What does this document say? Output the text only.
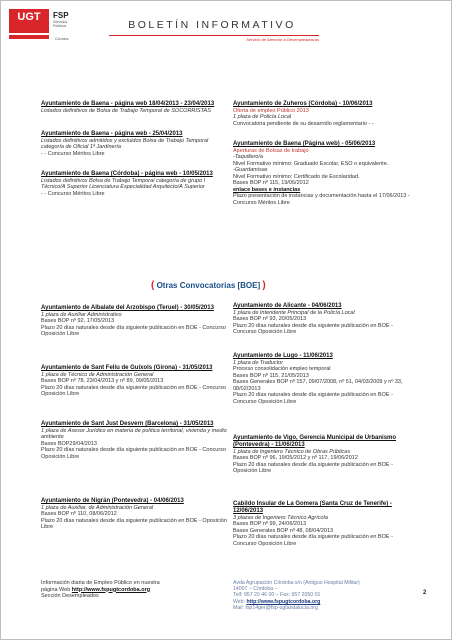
UGT	FSP
Servicios
Públicos
Córdoba
BOLETÍN INFORMATIVO
Servicio de Atención a Desempleados/as
Ayuntamiento de Baena - página web 18/04/2013 - 23/04/2013
Listados definitivos de Bolsa de Trabajo Temporal de SOCORRISTAS
Ayuntamiento de Baena - página web - 25/04/2013
Listados definitivos admitidos y excluidos Bolsa de Trabajo Temporal categoría de Oficial 1ª Jardinería
- - Concurso Méritos Libre
Ayuntamiento de Baena (Córdoba) - página web - 10/05/2013
Listados definitivos Bolsa de Trabajo Temporal categoría de grupo I Técnico/A Superior Licenciatura Especialidad Arquitecto/A Superior
- - Concurso Méritos Libre
Ayuntamiento de Zuheros (Córdoba) - 10/06/2013
Oferta de empleo Público 2013
1 plaza de Policía Local
Convocatoria pendiente de su desarrollo reglamentario - -
Ayuntamiento de Baena (Página web) - 05/06/2013
Aperturas de Bolsas de trabajo
-Taquillero/a
Nivel Formativo mínimo: Graduado Escolar, ESO o equivalente.
-Guardamisas
Nivel Formativo mínimo: Certificado de Escolaridad.
Bases BOP nº 115, 19/06/2012
enlace bases e instancias
Plazo presentación de instancias y documentación hasta el 17/06/2013 - Concurso Méritos Libre
( Otras Convocatorias [BOE] )
Ayuntamiento de Albalate del Arzobispo (Teruel) - 30/05/2013
1 plaza de Auxiliar Administrativo
Bases BOP nº 92, 17/05/2013
Plazo 20 días naturales desde día siguiente publicación en BOE - Concurso Oposición Libre
Ayuntamiento de Sant Feliu de Guíxols (Girona) - 31/05/2013
1 plaza de Técnico de Administración General
Bases BOP nº 78, 23/04/2013 y nº 89, 09/05/2013
Plazo 20 días naturales desde día siguiente publicación en BOE - Concurso Oposición Libre
Ayuntamiento de Sant Just Desvern (Barcelona) - 31/05/2013
1 plaza de Asesor Jurídico en materia de política territorial, vivienda y medio ambiente
Bases BOP29/04/2013
Plazo 20 días naturales desde día siguiente publicación en BOE - Concurso Oposición Libre
Ayuntamiento de Nigrán (Pontevedra) - 04/06/2013
1 plaza de Auxiliar, de Administración General
Bases BOP nº 110, 08/06/2012
Plazo 20 días naturales desde día siguiente publicación en BOE - Oposición Libre
Ayuntamiento de Alicante - 04/06/2013
1 plaza de Intendente Principal de la Policía Local
Bases BOP nº 93, 20/05/2013
Plazo 20 días naturales desde día siguiente publicación en BOE - Concurso Oposición Libre
Ayuntamiento de Lugo - 11/06/2013
1 plaza de Traductor
Proceso consolidación empleo temporal
Bases BOP nº 115, 21/05/2013
Bases Generales BOP nº 157, 09/07/2008, nº 51, 04/03/2009 y nº 33, 08/02/2013
Plazo 20 días naturales desde día siguiente publicación en BOE - Concurso Oposición Libre
Ayuntamiento de Vigo, Gerencia Municipal de Urbanismo (Pontevedra) - 11/06/2013
1 plaza de Ingeniero Técnico de Obras Públicas
Bases BOP nº 96, 19/05/2012 y nº 117, 19/06/2012
Plazo 20 días naturales desde día siguiente publicación en BOE - Oposición Libre
Cabildo Insular de La Gomera (Santa Cruz de Tenerife) - 12/06/2013
3 plazas de Ingeniero Técnico Agrícola
Bases BOP nº 99, 24/06/2013
Bases Generales BOP nº 48, 08/04/2013
Plazo 20 días naturales desde día siguiente publicación en BOE - Concurso Oposición Libre
Información diaria de Empleo Público en nuestra
página Web http://www.fspugtcordoba.org
Sección Desempleados
Avda Agrupación Córdoba s/n (Antiguo Hospital Militar)
14007 – Córdoba –
Telf: 957 20 46 00 – Fax: 957 2050 01
Web: http://www.fspugtcordoba.org
Mail: fsp14ger@fsp-ugtandalucia.org
2
